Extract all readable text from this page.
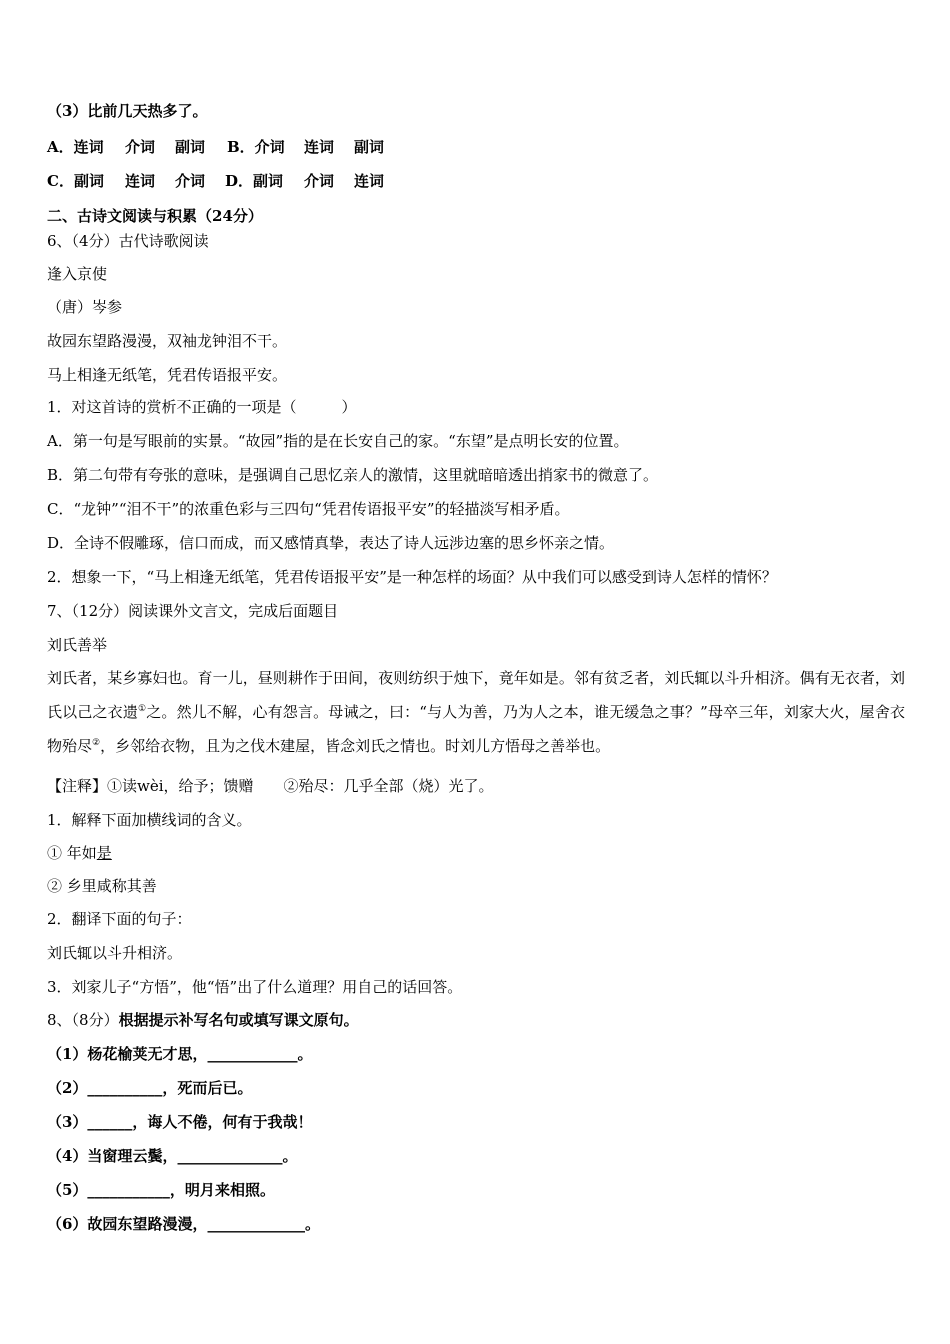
（3）比前几天热多了。
A．连词 介词 副词 B．介词 连词 副词
C．副词 连词 介词 D．副词 介词 连词
二、古诗文阅读与积累（24分）
6、（4分）古代诗歌阅读
逢入京使
（唐）岑参
故园东望路漫漫，双袖龙钟泪不干。
马上相逢无纸笔，凭君传语报平安。
1．对这首诗的赏析不正确的一项是（　　　）
A．第一句是写眼前的实景。“故园”指的是在长安自己的家。“东望”是点明长安的位置。
B．第二句带有夸张的意味，是强调自己思忆亲人的激情，这里就暗暗透出捎家书的微意了。
C．“龙钟”“泪不干”的浓重色彩与三四句“凭君传语报平安”的轻描淡写相矛盾。
D．全诗不假雕琢，信口而成，而又感情真挚，表达了诗人远涉边塞的思乡怀亲之情。
2．想象一下，“马上相逢无纸笔，凭君传语报平安”是一种怎样的场面？从中我们可以感受到诗人怎样的情怀？
7、（12分）阅读课外文言文，完成后面题目
刘氏善举
刘氏者，某乡寡妇也。育一儿，昼则耕作于田间，夜则纺织于烛下，竟年如是。邻有贫乏者，刘氏辄以斗升相济。偶有无衣者，刘氏以己之衣遗①之。然儿不解，心有怨言。母诫之，曰：“与人为善，乃为人之本，谁无缓急之事？”母卒三年，刘家大火，屋舍衣物殆尽②，乡邻给衣物，且为之伐木建屋，皆念刘氏之情也。时刘儿方悟母之善举也。
【注释】①读wèi，给予；馈赠　　②殆尽：几乎全部（烧）光了。
1．解释下面加横线词的含义。
① 年如是
② 乡里咸称其善
2．翻译下面的句子：
刘氏辄以斗升相济。
3．刘家儿子“方悟”，他“悟”出了什么道理？用自己的话回答。
8、（8分）根据提示补写名句或填写课文原句。
（1）杨花榆荚无才思，____________。
（2）__________，死而后已。
（3）______，诲人不倦，何有于我哉！
（4）当窗理云鬓，______________。
（5）___________，明月来相照。
（6）故园东望路漫漫，_____________。
